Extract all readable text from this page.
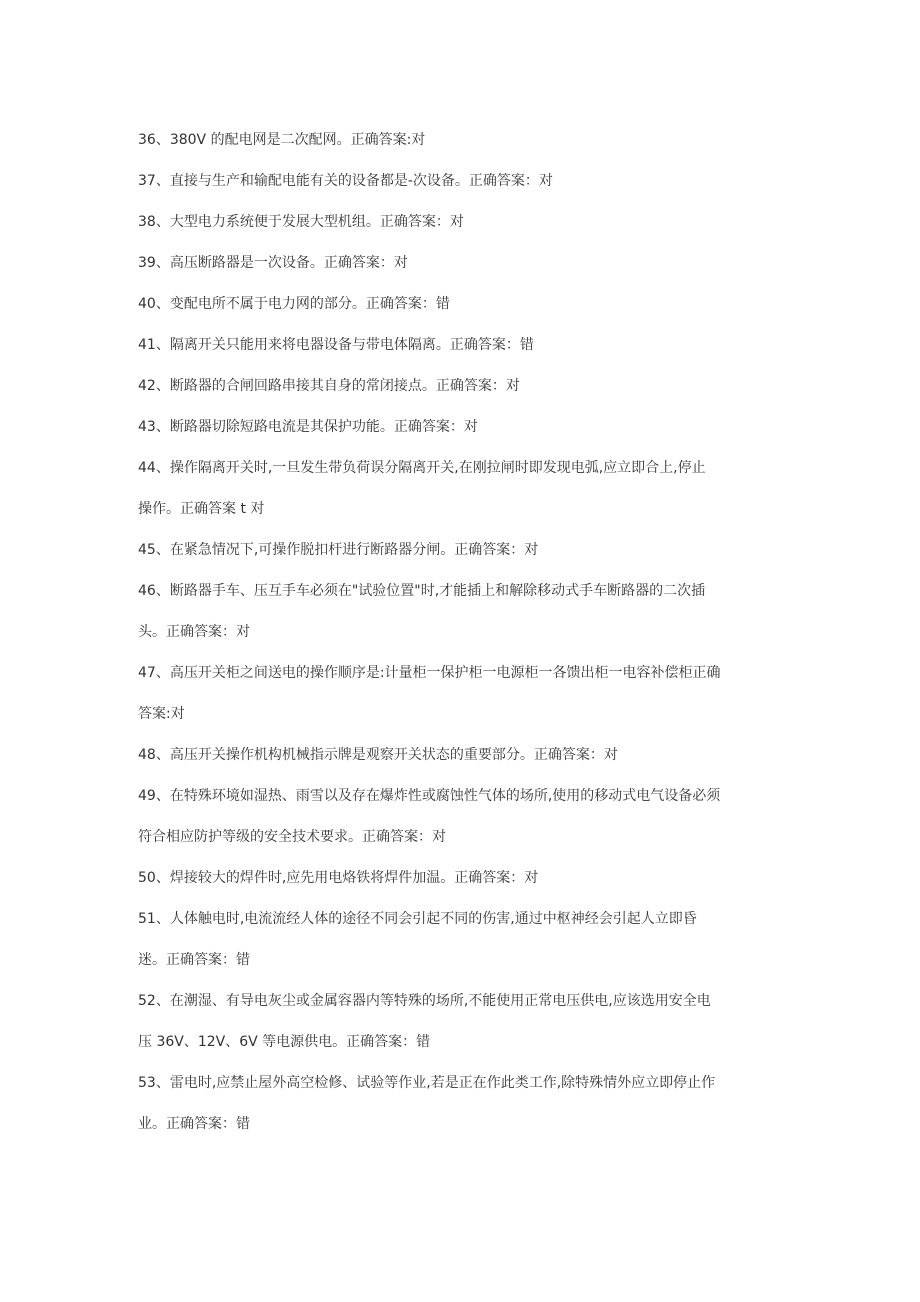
36、380V 的配电网是二次配网。正确答案:对
37、直接与生产和输配电能有关的设备都是-次设备。正确答案：对
38、大型电力系统便于发展大型机组。正确答案：对
39、高压断路器是一次设备。正确答案：对
40、变配电所不属于电力网的部分。正确答案：错
41、隔离开关只能用来将电器设备与带电体隔离。正确答案：错
42、断路器的合闸回路串接其自身的常闭接点。正确答案：对
43、断路器切除短路电流是其保护功能。正确答案：对
44、操作隔离开关时,一旦发生带负荷误分隔离开关,在刚拉闸时即发现电弧,应立即合上,停止
操作。正确答案 t 对
45、在紧急情况下,可操作脱扣杆进行断路器分闸。正确答案：对
46、断路器手车、压互手车必须在"试验位置"时,才能插上和解除移动式手车断路器的二次插
头。正确答案：对
47、高压开关柜之间送电的操作顺序是:计量柜一保护柜一电源柜一各馈出柜一电容补偿柜正确
答案:对
48、高压开关操作机构机械指示牌是观察开关状态的重要部分。正确答案：对
49、在特殊环境如湿热、雨雪以及存在爆炸性或腐蚀性气体的场所,使用的移动式电气设备必须
符合相应防护等级的安全技术要求。正确答案：对
50、焊接较大的焊件时,应先用电烙铁将焊件加温。正确答案：对
51、人体触电时,电流流经人体的途径不同会引起不同的伤害,通过中枢神经会引起人立即昏
迷。正确答案：错
52、在潮湿、有导电灰尘或金属容器内等特殊的场所,不能使用正常电压供电,应该选用安全电
压 36V、12V、6V 等电源供电。正确答案：错
53、雷电时,应禁止屋外高空检修、试验等作业,若是正在作此类工作,除特殊情外应立即停止作
业。正确答案：错
